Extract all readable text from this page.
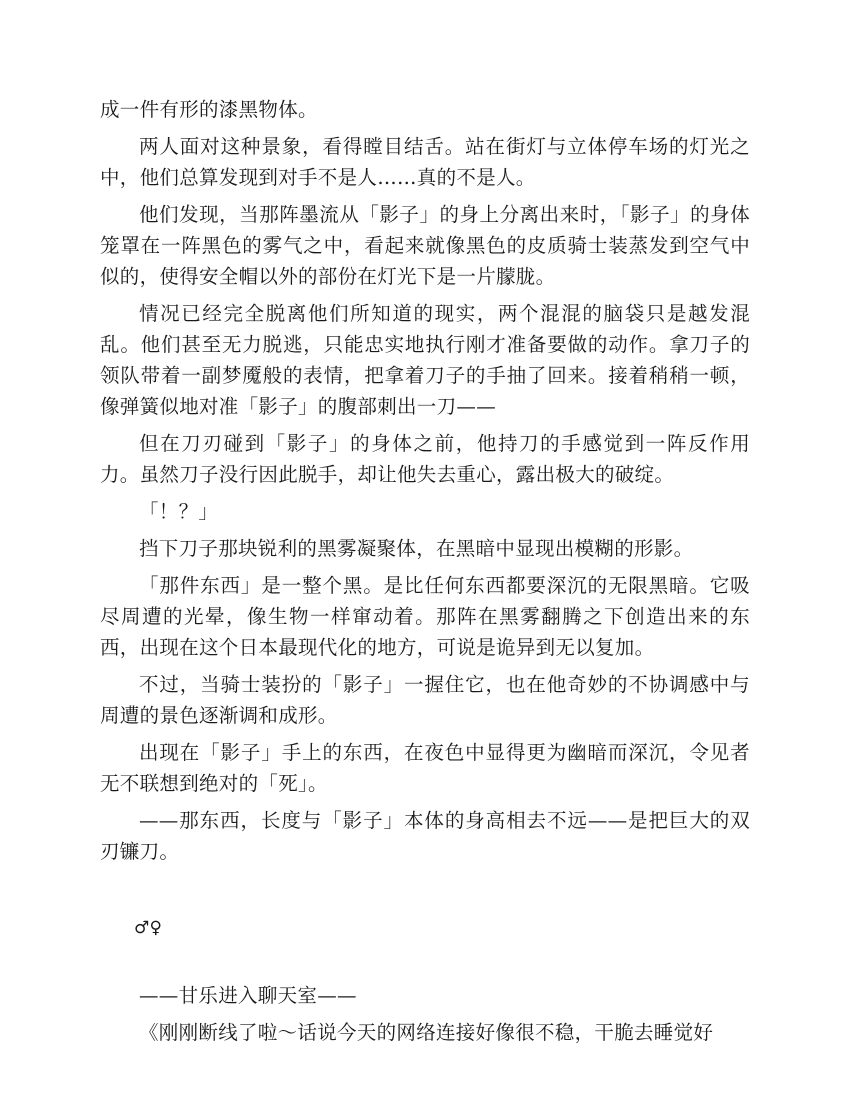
成一件有形的漆黑物体。

两人面对这种景象，看得瞠目结舌。站在街灯与立体停车场的灯光之中，他们总算发现到对手不是人……真的不是人。

他们发现，当那阵墨流从「影子」的身上分离出来时，「影子」的身体笼罩在一阵黑色的雾气之中，看起来就像黑色的皮质骑士装蒸发到空气中似的，使得安全帽以外的部份在灯光下是一片朦胧。

情况已经完全脱离他们所知道的现实，两个混混的脑袋只是越发混乱。他们甚至无力脱逃，只能忠实地执行刚才准备要做的动作。拿刀子的领队带着一副梦魇般的表情，把拿着刀子的手抽了回来。接着稍稍一顿，像弹簧似地对准「影子」的腹部刺出一刀——

但在刀刃碰到「影子」的身体之前，他持刀的手感觉到一阵反作用力。虽然刀子没行因此脱手，却让他失去重心，露出极大的破绽。

「！？」

挡下刀子那块锐利的黑雾凝聚体，在黑暗中显现出模糊的形影。

「那件东西」是一整个黑。是比任何东西都要深沉的无限黑暗。它吸尽周遭的光晕，像生物一样窜动着。那阵在黑雾翻腾之下创造出来的东西，出现在这个日本最现代化的地方，可说是诡异到无以复加。

不过，当骑士装扮的「影子」一握住它，也在他奇妙的不协调感中与周遭的景色逐渐调和成形。

出现在「影子」手上的东西，在夜色中显得更为幽暗而深沉，令见者无不联想到绝对的「死」。

——那东西，长度与「影子」本体的身高相去不远——是把巨大的双刃镰刀。

♂♀

——甘乐进入聊天室——

《刚刚断线了啦～话说今天的网络连接好像很不稳，干脆去睡觉好
